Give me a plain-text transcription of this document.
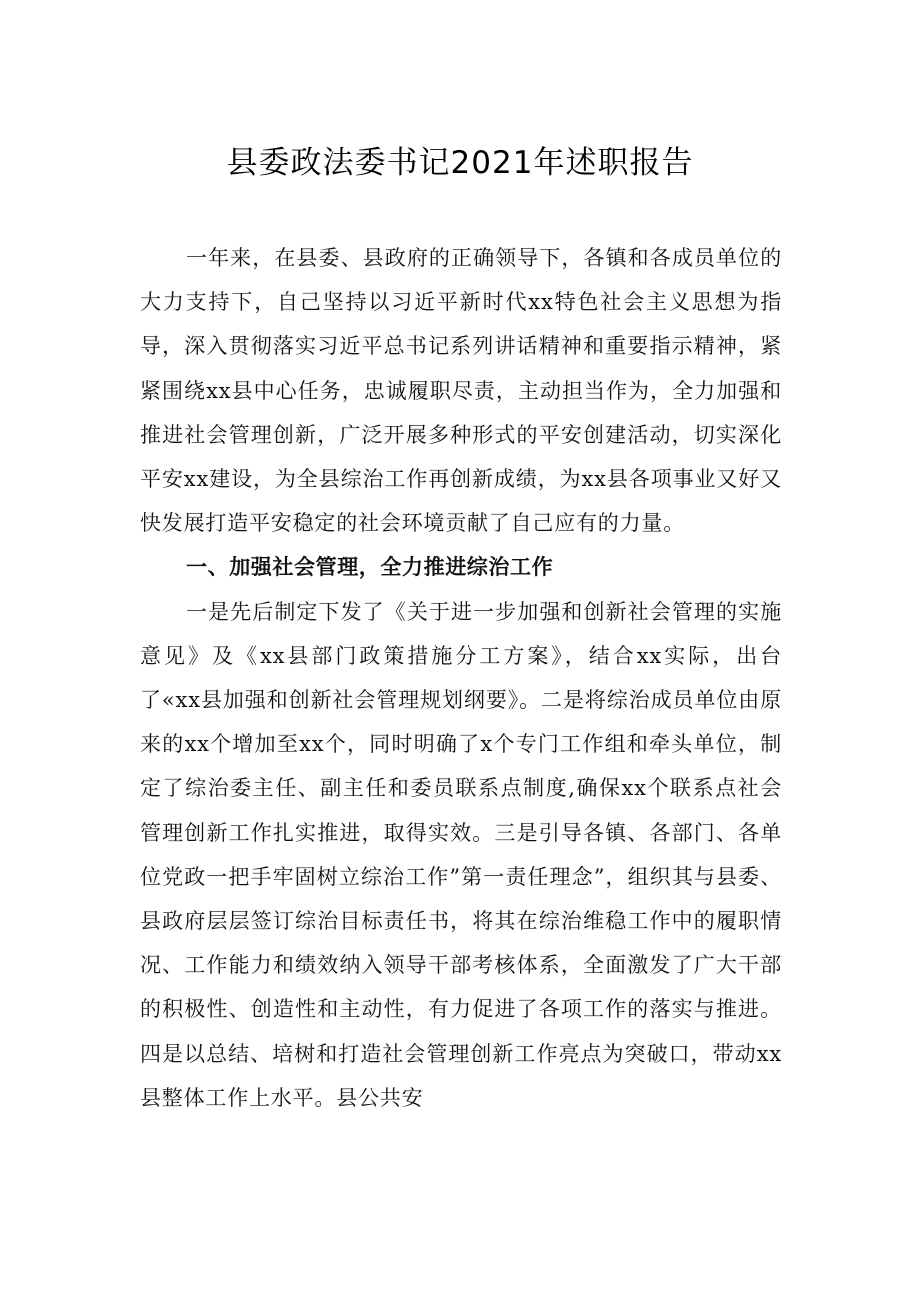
县委政法委书记2021年述职报告

一年来，在县委、县政府的正确领导下，各镇和各成员单位的大力支持下，自己坚持以习近平新时代xx特色社会主义思想为指导，深入贯彻落实习近平总书记系列讲话精神和重要指示精神，紧紧围绕xx县中心任务，忠诚履职尽责，主动担当作为，全力加强和推进社会管理创新，广泛开展多种形式的平安创建活动，切实深化平安xx建设，为全县综治工作再创新成绩，为xx县各项事业又好又快发展打造平安稳定的社会环境贡献了自己应有的力量。

一、加强社会管理，全力推进综治工作

一是先后制定下发了《关于进一步加强和创新社会管理的实施意见》及《xx县部门政策措施分工方案》，结合xx实际，出台了«xx县加强和创新社会管理规划纲要》。二是将综治成员单位由原来的xx个增加至xx个，同时明确了x个专门工作组和牵头单位，制定了综治委主任、副主任和委员联系点制度,确保xx个联系点社会管理创新工作扎实推进，取得实效。三是引导各镇、各部门、各单位党政一把手牢固树立综治工作”第一责任理念”，组织其与县委、县政府层层签订综治目标责任书，将其在综治维稳工作中的履职情况、工作能力和绩效纳入领导干部考核体系，全面激发了广大干部的积极性、创造性和主动性，有力促进了各项工作的落实与推进。四是以总结、培树和打造社会管理创新工作亮点为突破口，带动xx县整体工作上水平。县公共安
